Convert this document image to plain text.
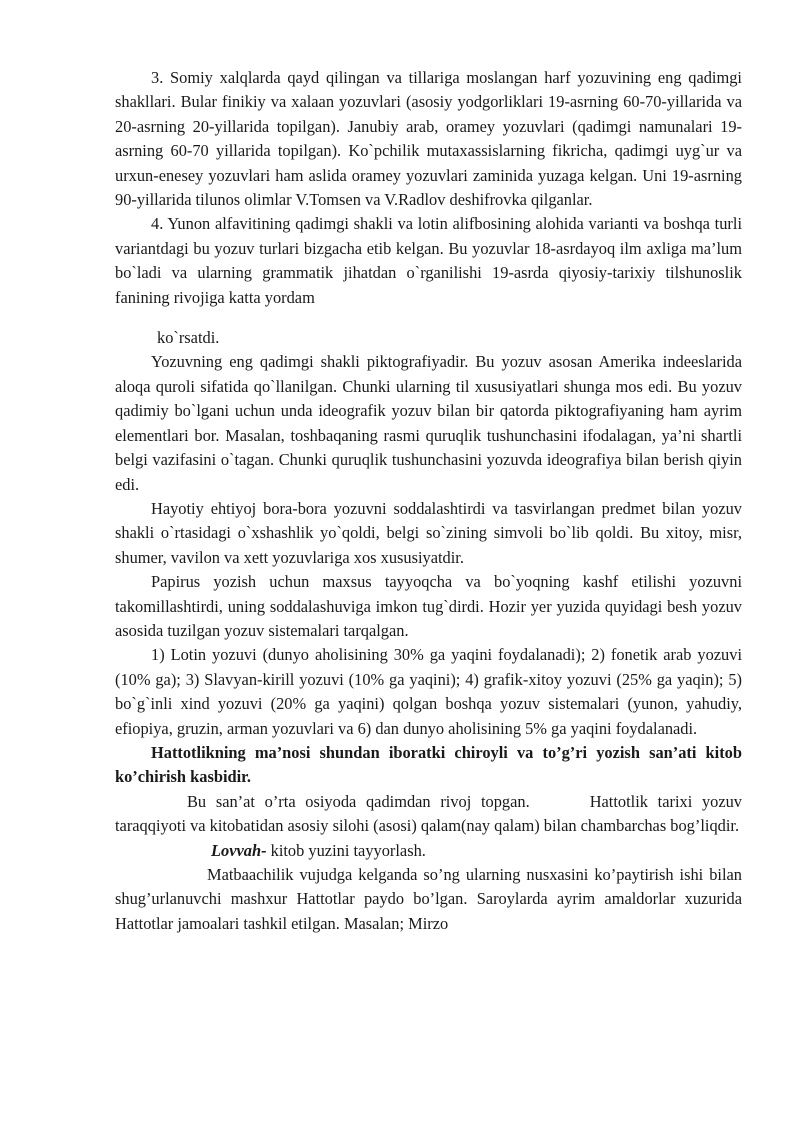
3. Somiy xalqlarda qayd qilingan va tillariga moslangan harf yozuvining eng qadimgi shakllari. Bular finikiy va xalaan yozuvlari (asosiy yodgorliklari 19-asrning 60-70-yillarida va 20-asrning 20-yillarida topilgan). Janubiy arab, oramey yozuvlari (qadimgi namunalari 19-asrning 60-70 yillarida topilgan). Ko`pchilik mutaxassislarning fikricha, qadimgi uyg`ur va urxun-enesey yozuvlari ham aslida oramey yozuvlari zaminida yuzaga kelgan. Uni 19-asrning 90-yillarida tilunos olimlar V.Tomsen va V.Radlov deshifrovka qilganlar.

4. Yunon alfavitining qadimgi shakli va lotin alifbosining alohida varianti va boshqa turli variantdagi bu yozuv turlari bizgacha etib kelgan. Bu yozuvlar 18-asrdayoq ilm axliga ma’lum bo`ladi va ularning grammatik jihatdan o`rganilishi 19-asrda qiyosiy-tarixiy tilshunoslik fanining rivojiga katta yordam

ko`rsatdi.

Yozuvning eng qadimgi shakli piktografiyadir. Bu yozuv asosan Amerika indeeslarida aloqa quroli sifatida qo`llanilgan. Chunki ularning til xususiyatlari shunga mos edi. Bu yozuv qadimiy bo`lgani uchun unda ideografik yozuv bilan bir qatorda piktografiyaning ham ayrim elementlari bor. Masalan, toshbaqaning rasmi quruqlik tushunchasini ifodalagan, ya’ni shartli belgi vazifasini o`tagan. Chunki quruqlik tushunchasini yozuvda ideografiya bilan berish qiyin edi.

Hayotiy ehtiyoj bora-bora yozuvni soddalashtirdi va tasvirlangan predmet bilan yozuv shakli o`rtasidagi o`xshashlik yo`qoldi, belgi so`zining simvoli bo`lib qoldi. Bu xitoy, misr, shumer, vavilon va xett yozuvlariga xos xususiyatdir.

Papirus yozish uchun maxsus tayyoqcha va bo`yoqning kashf etilishi yozuvni takomillashtirdi, uning soddalashuviga imkon tug`dirdi. Hozir yer yuzida quyidagi besh yozuv asosida tuzilgan yozuv sistemalari tarqalgan.

1) Lotin yozuvi (dunyo aholisining 30% ga yaqini foydalanadi); 2) fonetik arab yozuvi (10% ga); 3) Slavyan-kirill yozuvi (10% ga yaqini); 4) grafik-xitoy yozuvi (25% ga yaqin); 5) bo`g`inli xind yozuvi (20% ga yaqini) qolgan boshqa yozuv sistemalari (yunon, yahudiy, efiopiya, gruzin, arman yozuvlari va 6) dan dunyo aholisining 5% ga yaqini foydalanadi.

Hattotlikning ma’nosi shundan iboratki chiroyli va to’g’ri yozish san’ati kitob ko’chirish kasbidir.

Bu san’at o’rta osiyoda qadimdan rivoj topgan.	Hattotlik tarixi yozuv taraqqiyoti va kitobatidan asosiy silohi (asosi) qalam(nay qalam) bilan chambarchas bog’liqdir.

Lovvah- kitob yuzini tayyorlash.

Matbaachilik vujudga kelganda so’ng ularning nusxasini ko’paytirish ishi bilan shug’urlanuvchi mashxur Hattotlar paydo bo’lgan. Saroylarda ayrim amaldorlar xuzurida Hattotlar jamoalari tashkil etilgan. Masalan; Mirzo
